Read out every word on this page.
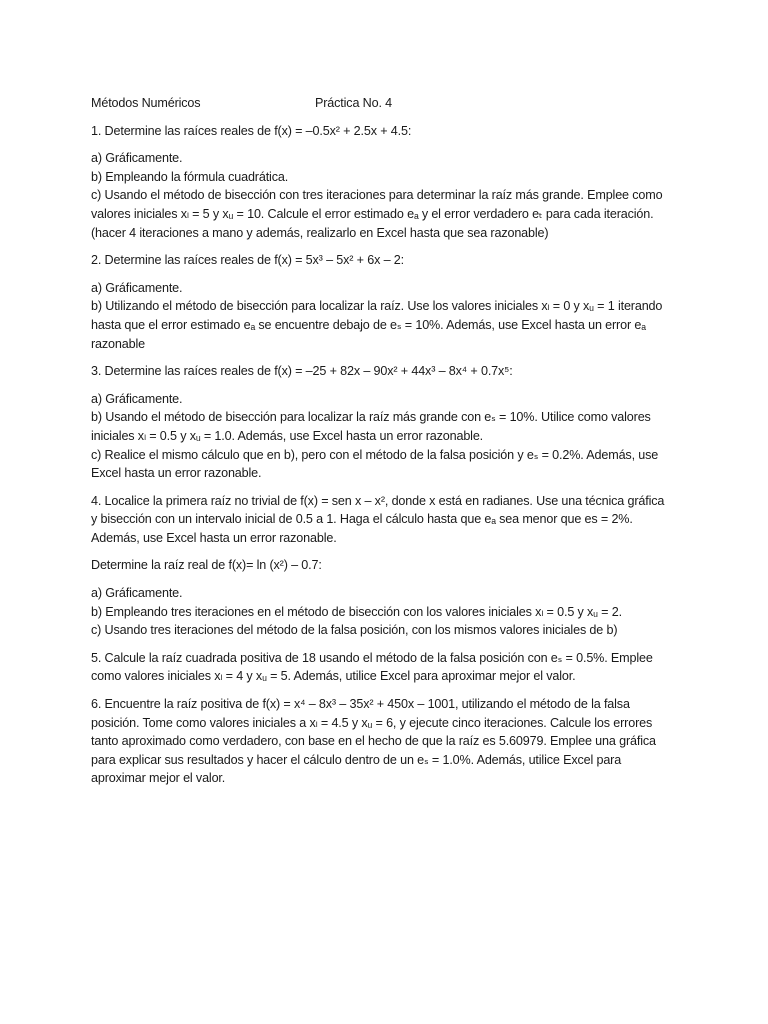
Métodos Numéricos	Práctica No. 4
1. Determine las raíces reales de f(x) = –0.5x² + 2.5x + 4.5:
a) Gráficamente.
b) Empleando la fórmula cuadrática.
c) Usando el método de bisección con tres iteraciones para determinar la raíz más grande. Emplee como
valores iniciales xₗ = 5 y xᵤ = 10. Calcule el error estimado eₐ y el error verdadero eₜ para cada iteración.
(hacer 4 iteraciones a mano y además, realizarlo en Excel hasta que sea razonable)
2. Determine las raíces reales de f(x) = 5x³ – 5x² + 6x – 2:
a) Gráficamente.
b) Utilizando el método de bisección para localizar la raíz. Use los valores iniciales xₗ = 0 y xᵤ = 1 iterando
hasta que el error estimado eₐ se encuentre debajo de eₛ = 10%. Además, use Excel hasta un error eₐ
razonable
3. Determine las raíces reales de f(x) = –25 + 82x – 90x² + 44x³ – 8x⁴ + 0.7x⁵:
a) Gráficamente.
b) Usando el método de bisección para localizar la raíz más grande con eₛ = 10%. Utilice como valores
iniciales xₗ = 0.5 y xᵤ = 1.0. Además, use Excel hasta un error razonable.
c) Realice el mismo cálculo que en b), pero con el método de la falsa posición y eₛ = 0.2%. Además, use
Excel hasta un error razonable.
4. Localice la primera raíz no trivial de f(x) = sen x – x², donde x está en radianes. Use una técnica gráfica
y bisección con un intervalo inicial de 0.5 a 1. Haga el cálculo hasta que eₐ sea menor que es = 2%.
Además, use Excel hasta un error razonable.
Determine la raíz real de f(x)= ln (x²) – 0.7:
a) Gráficamente.
b) Empleando tres iteraciones en el método de bisección con los valores iniciales xₗ = 0.5 y xᵤ = 2.
c) Usando tres iteraciones del método de la falsa posición, con los mismos valores iniciales de b)
5. Calcule la raíz cuadrada positiva de 18 usando el método de la falsa posición con eₛ = 0.5%. Emplee
como valores iniciales xₗ = 4 y xᵤ = 5. Además, utilice Excel para aproximar mejor el valor.
6. Encuentre la raíz positiva de f(x) = x⁴ – 8x³ – 35x² + 450x – 1001, utilizando el método de la falsa
posición. Tome como valores iniciales a xₗ = 4.5 y xᵤ = 6, y ejecute cinco iteraciones. Calcule los errores
tanto aproximado como verdadero, con base en el hecho de que la raíz es 5.60979. Emplee una gráfica
para explicar sus resultados y hacer el cálculo dentro de un eₛ = 1.0%. Además, utilice Excel para
aproximar mejor el valor.
